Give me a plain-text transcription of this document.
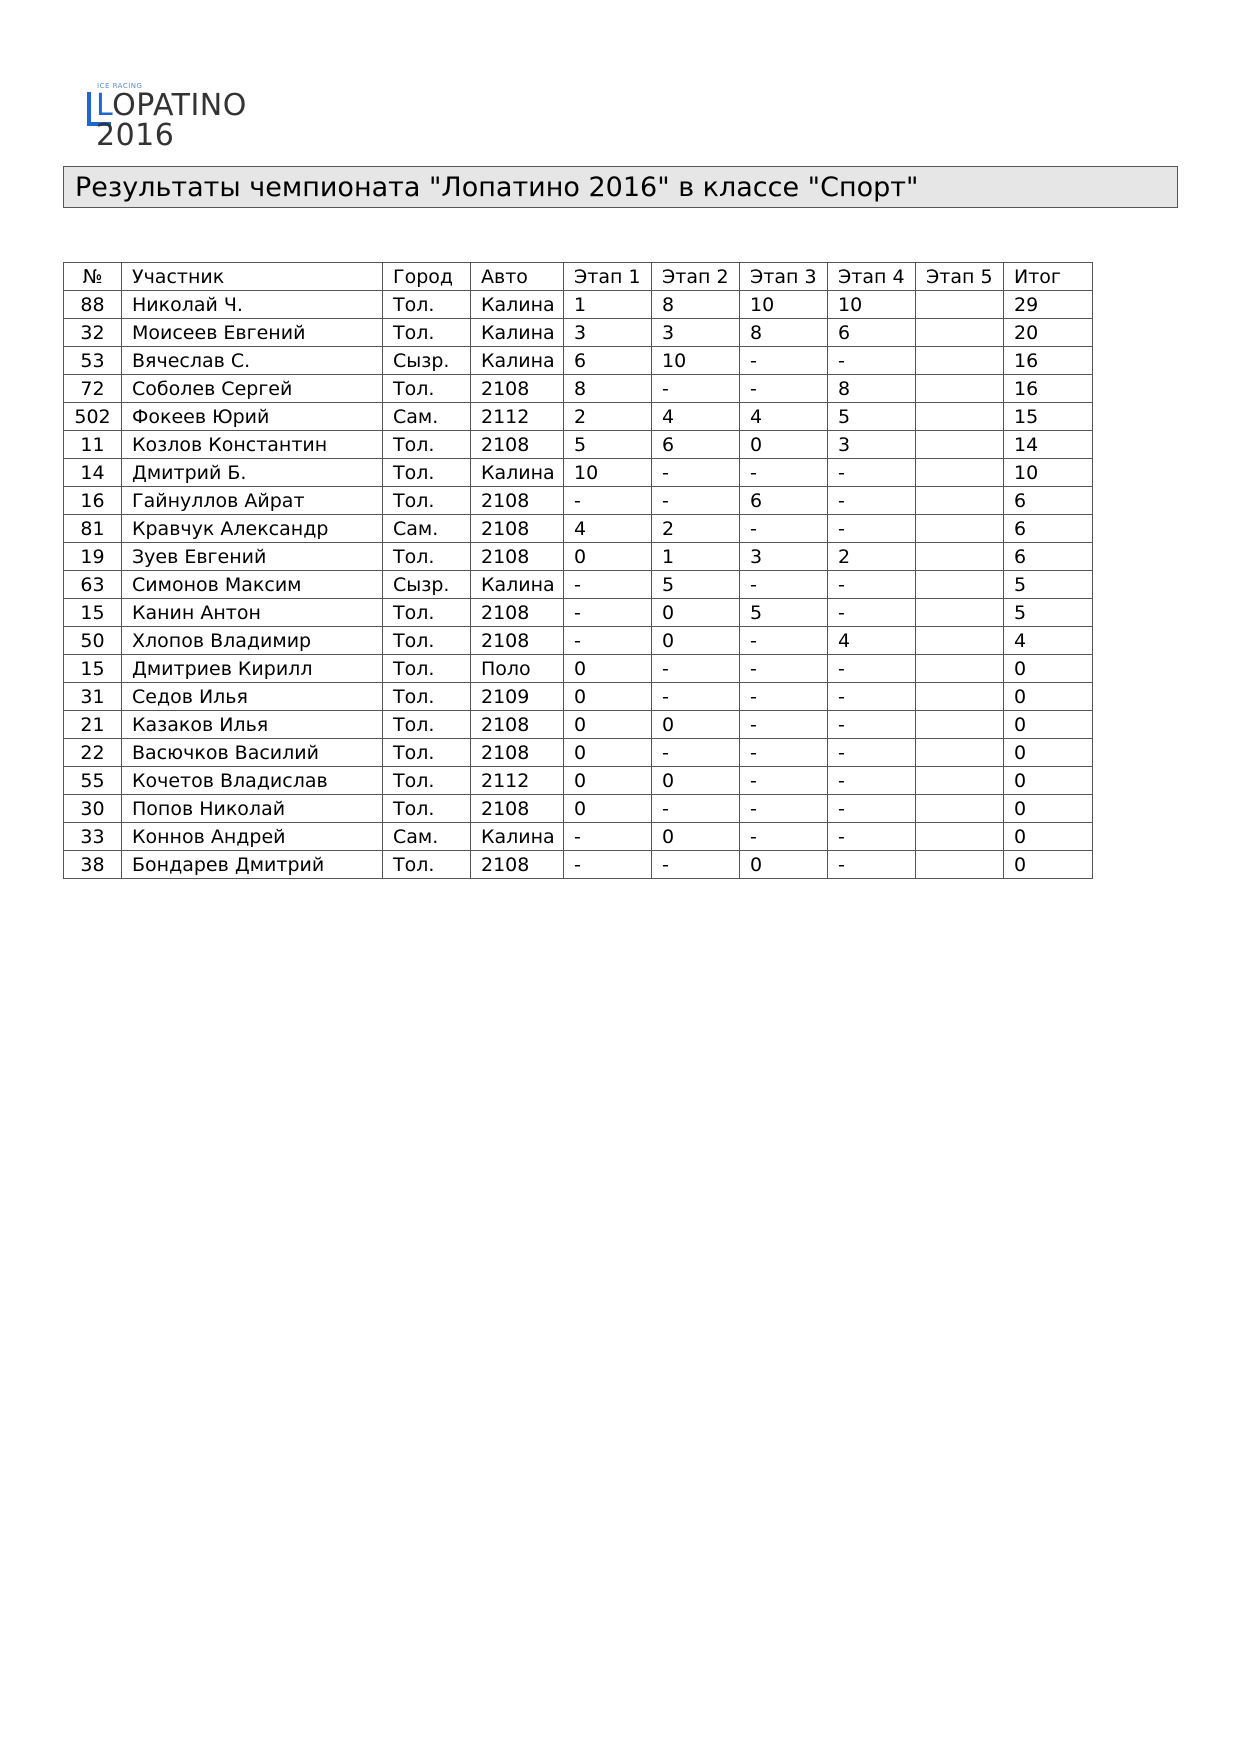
ICE RACING
LOPATINO 2016
Результаты чемпионата "Лопатино 2016" в классе "Спорт"
№	Участник	Город	Авто	Этап 1	Этап 2	Этап 3	Этап 4	Этап 5	Итог
88	Николай Ч.	Тол.	Калина	1	8	10	10		29
32	Моисеев Евгений	Тол.	Калина	3	3	8	6		20
53	Вячеслав С.	Сызр.	Калина	6	10	-	-		16
72	Соболев Сергей	Тол.	2108	8	-	-	8		16
502	Фокеев Юрий	Сам.	2112	2	4	4	5		15
11	Козлов Константин	Тол.	2108	5	6	0	3		14
14	Дмитрий Б.	Тол.	Калина	10	-	-	-		10
16	Гайнуллов Айрат	Тол.	2108	-	-	6	-		6
81	Кравчук Александр	Сам.	2108	4	2	-	-		6
19	Зуев Евгений	Тол.	2108	0	1	3	2		6
63	Симонов Максим	Сызр.	Калина	-	5	-	-		5
15	Канин Антон	Тол.	2108	-	0	5	-		5
50	Хлопов Владимир	Тол.	2108	-	0	-	4		4
15	Дмитриев Кирилл	Тол.	Поло	0	-	-	-		0
31	Седов Илья	Тол.	2109	0	-	-	-		0
21	Казаков Илья	Тол.	2108	0	0	-	-		0
22	Васючков Василий	Тол.	2108	0	-	-	-		0
55	Кочетов Владислав	Тол.	2112	0	0	-	-		0
30	Попов Николай	Тол.	2108	0	-	-	-		0
33	Коннов Андрей	Сам.	Калина	-	0	-	-		0
38	Бондарев Дмитрий	Тол.	2108	-	-	0	-		0
